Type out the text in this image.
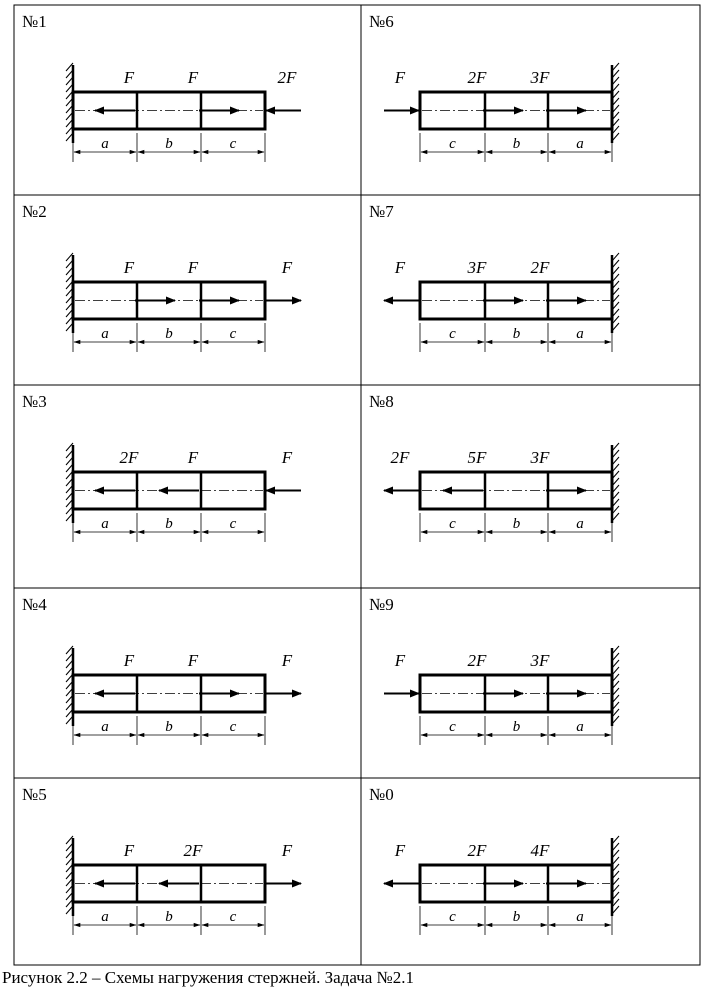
№1
F	F	2F
a	b	c
№6
F	2F	3F
c	b	a
№2
F	F	F
a	b	c
№7
F	3F	2F
c	b	a
№3
2F	F	F
a	b	c
№8
2F	5F	3F
c	b	a
№4
F	F	F
a	b	c
№9
F	2F	3F
c	b	a
№5
F	2F	F
a	b	c
№0
F	2F	4F
c	b	a
Рисунок 2.2 – Схемы нагружения стержней. Задача №2.1
